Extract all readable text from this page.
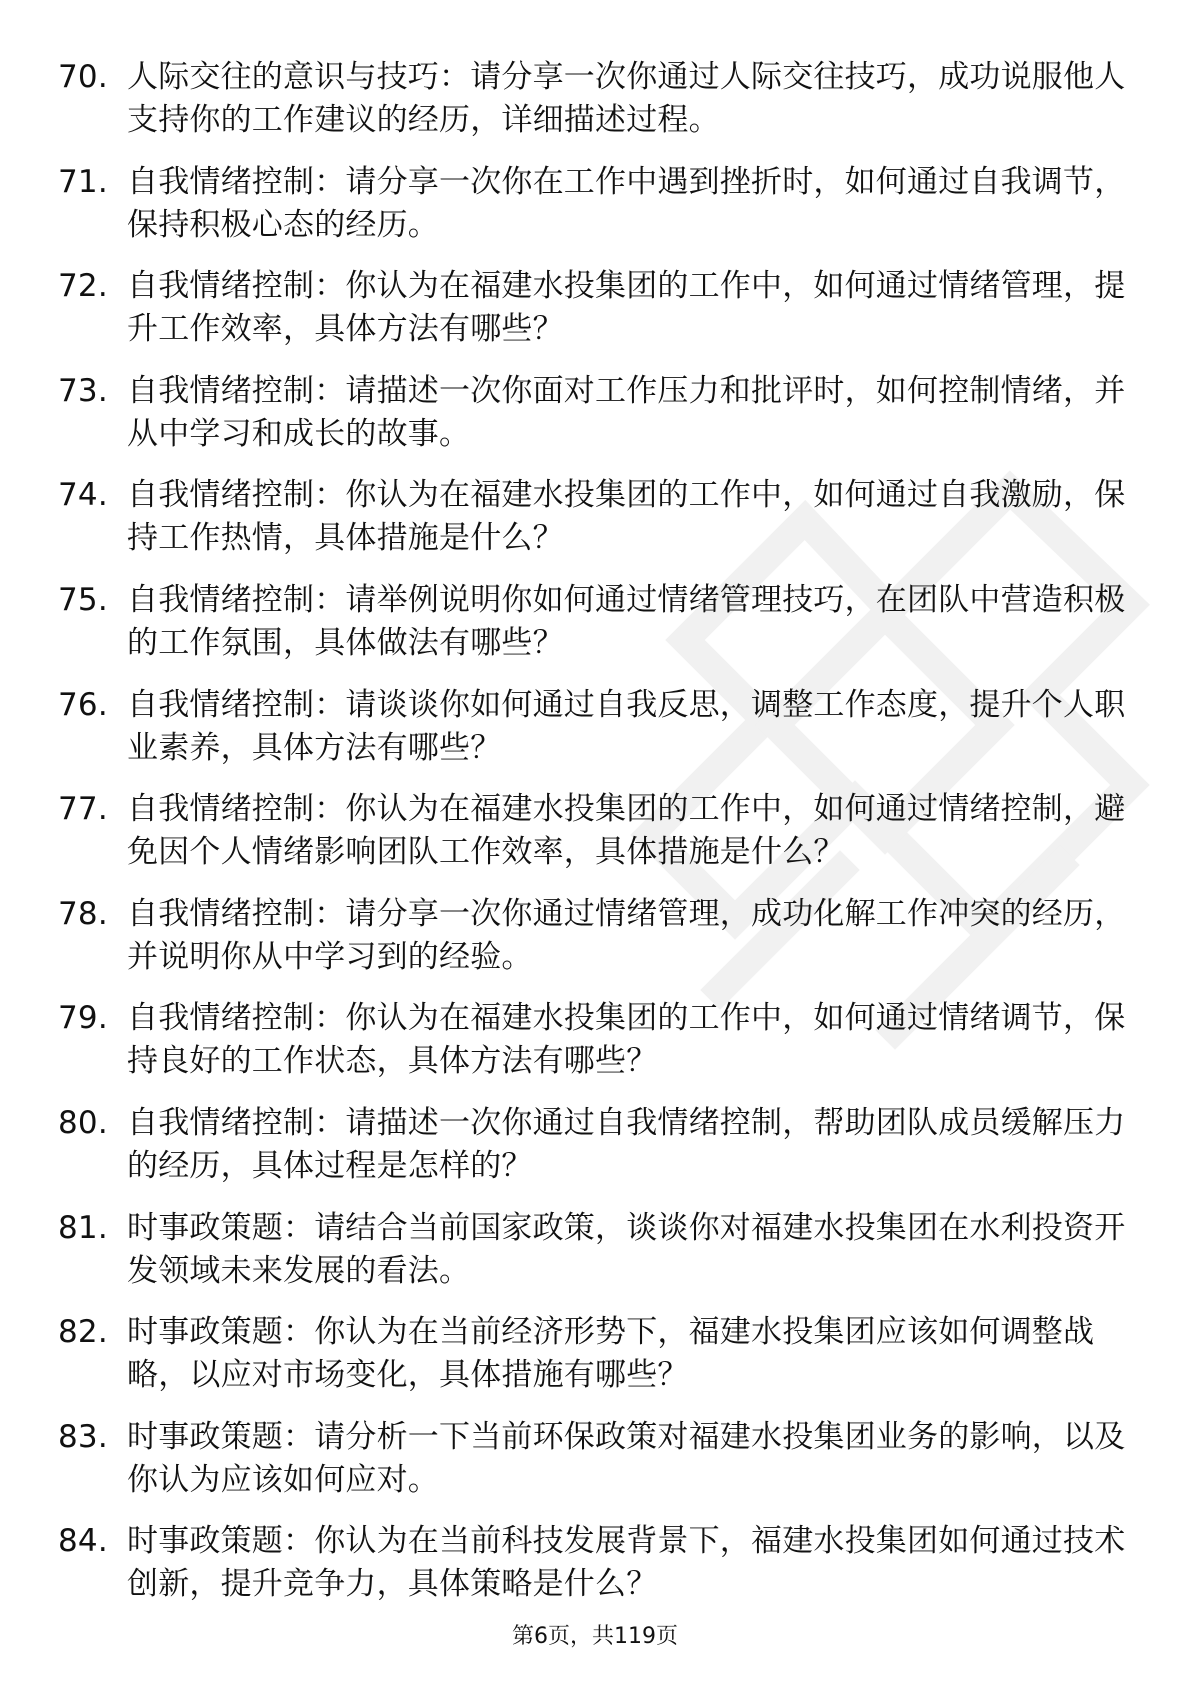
70. 人际交往的意识与技巧：请分享一次你通过人际交往技巧，成功说服他人支持你的工作建议的经历，详细描述过程。
71. 自我情绪控制：请分享一次你在工作中遇到挫折时，如何通过自我调节，保持积极心态的经历。
72. 自我情绪控制：你认为在福建水投集团的工作中，如何通过情绪管理，提升工作效率，具体方法有哪些？
73. 自我情绪控制：请描述一次你面对工作压力和批评时，如何控制情绪，并从中学习和成长的故事。
74. 自我情绪控制：你认为在福建水投集团的工作中，如何通过自我激励，保持工作热情，具体措施是什么？
75. 自我情绪控制：请举例说明你如何通过情绪管理技巧，在团队中营造积极的工作氛围，具体做法有哪些？
76. 自我情绪控制：请谈谈你如何通过自我反思，调整工作态度，提升个人职业素养，具体方法有哪些？
77. 自我情绪控制：你认为在福建水投集团的工作中，如何通过情绪控制，避免因个人情绪影响团队工作效率，具体措施是什么？
78. 自我情绪控制：请分享一次你通过情绪管理，成功化解工作冲突的经历，并说明你从中学习到的经验。
79. 自我情绪控制：你认为在福建水投集团的工作中，如何通过情绪调节，保持良好的工作状态，具体方法有哪些？
80. 自我情绪控制：请描述一次你通过自我情绪控制，帮助团队成员缓解压力的经历，具体过程是怎样的？
81. 时事政策题：请结合当前国家政策，谈谈你对福建水投集团在水利投资开发领域未来发展的看法。
82. 时事政策题：你认为在当前经济形势下，福建水投集团应该如何调整战略，以应对市场变化，具体措施有哪些？
83. 时事政策题：请分析一下当前环保政策对福建水投集团业务的影响，以及你认为应该如何应对。
84. 时事政策题：你认为在当前科技发展背景下，福建水投集团如何通过技术创新，提升竞争力，具体策略是什么？
第6页，共119页
